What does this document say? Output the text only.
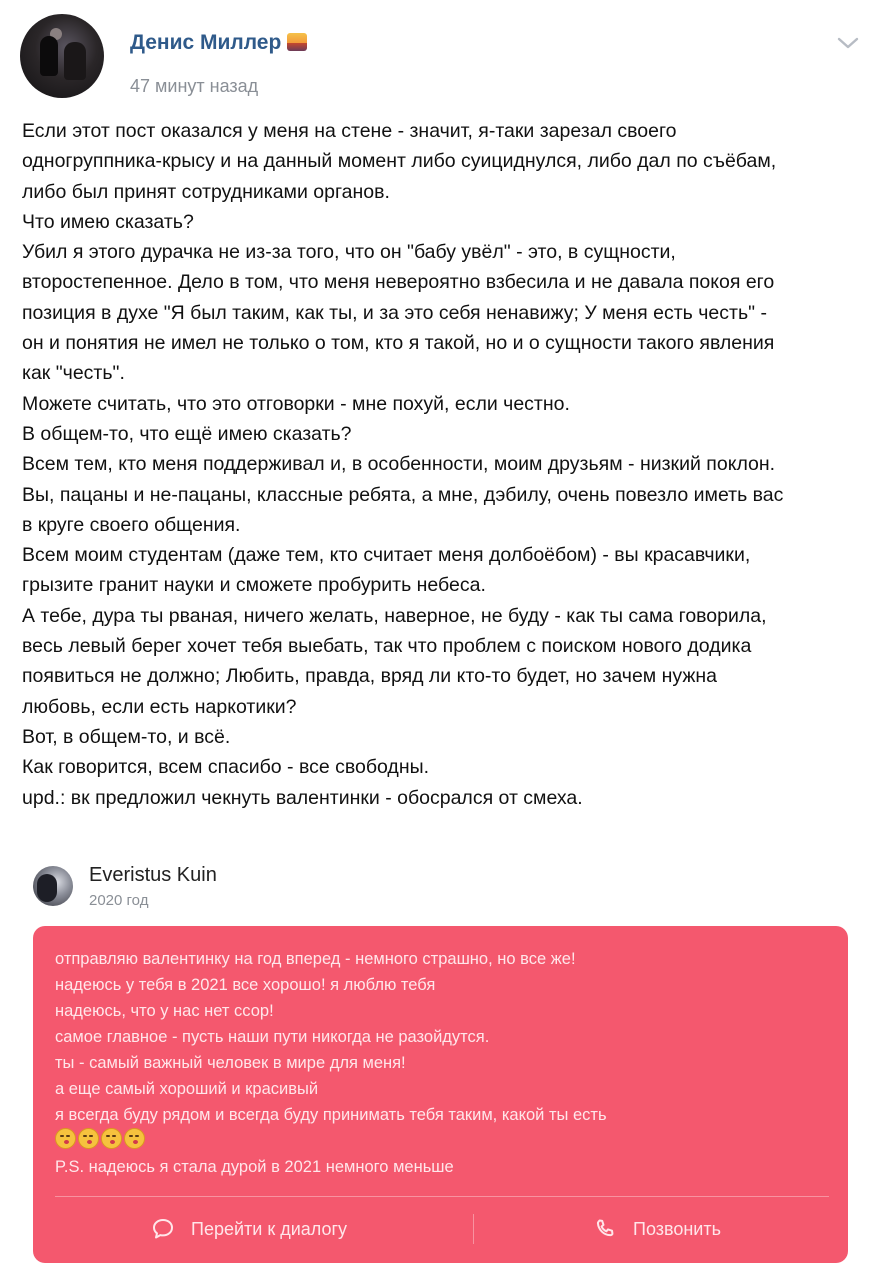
Денис Миллер
47 минут назад
Если этот пост оказался у меня на стене - значит, я-таки зарезал своего
одногруппника-крысу и на данный момент либо суициднулся, либо дал по съёбам,
либо был принят сотрудниками органов.
Что имею сказать?
Убил я этого дурачка не из-за того, что он "бабу увёл" - это, в сущности,
второстепенное. Дело в том, что меня невероятно взбесила и не давала покоя его
позиция в духе "Я был таким, как ты, и за это себя ненавижу; У меня есть честь" -
он и понятия не имел не только о том, кто я такой, но и о сущности такого явления
как "честь".
Можете считать, что это отговорки - мне похуй, если честно.
В общем-то, что ещё имею сказать?
Всем тем, кто меня поддерживал и, в особенности, моим друзьям - низкий поклон.
Вы, пацаны и не-пацаны, классные ребята, а мне, дэбилу, очень повезло иметь вас
в круге своего общения.
Всем моим студентам (даже тем, кто считает меня долбоёбом) - вы красавчики,
грызите гранит науки и сможете пробурить небеса.
А тебе, дура ты рваная, ничего желать, наверное, не буду - как ты сама говорила,
весь левый берег хочет тебя выебать, так что проблем с поиском нового додика
появиться не должно; Любить, правда, вряд ли кто-то будет, но зачем нужна
любовь, если есть наркотики?
Вот, в общем-то, и всё.
Как говорится, всем спасибо - все свободны.
upd.: вк предложил чекнуть валентинки - обосрался от смеха.
Everistus Kuin
2020 год
отправляю валентинку на год вперед - немного страшно, но все же!
надеюсь у тебя в 2021 все хорошо! я люблю тебя
надеюсь, что у нас нет ссор!
самое главное - пусть наши пути никогда не разойдутся.
ты - самый важный человек в мире для меня!
а еще самый хороший и красивый
я всегда буду рядом и всегда буду принимать тебя таким, какой ты есть
P.S. надеюсь я стала дурой в 2021 немного меньше
Перейти к диалогу	Позвонить
